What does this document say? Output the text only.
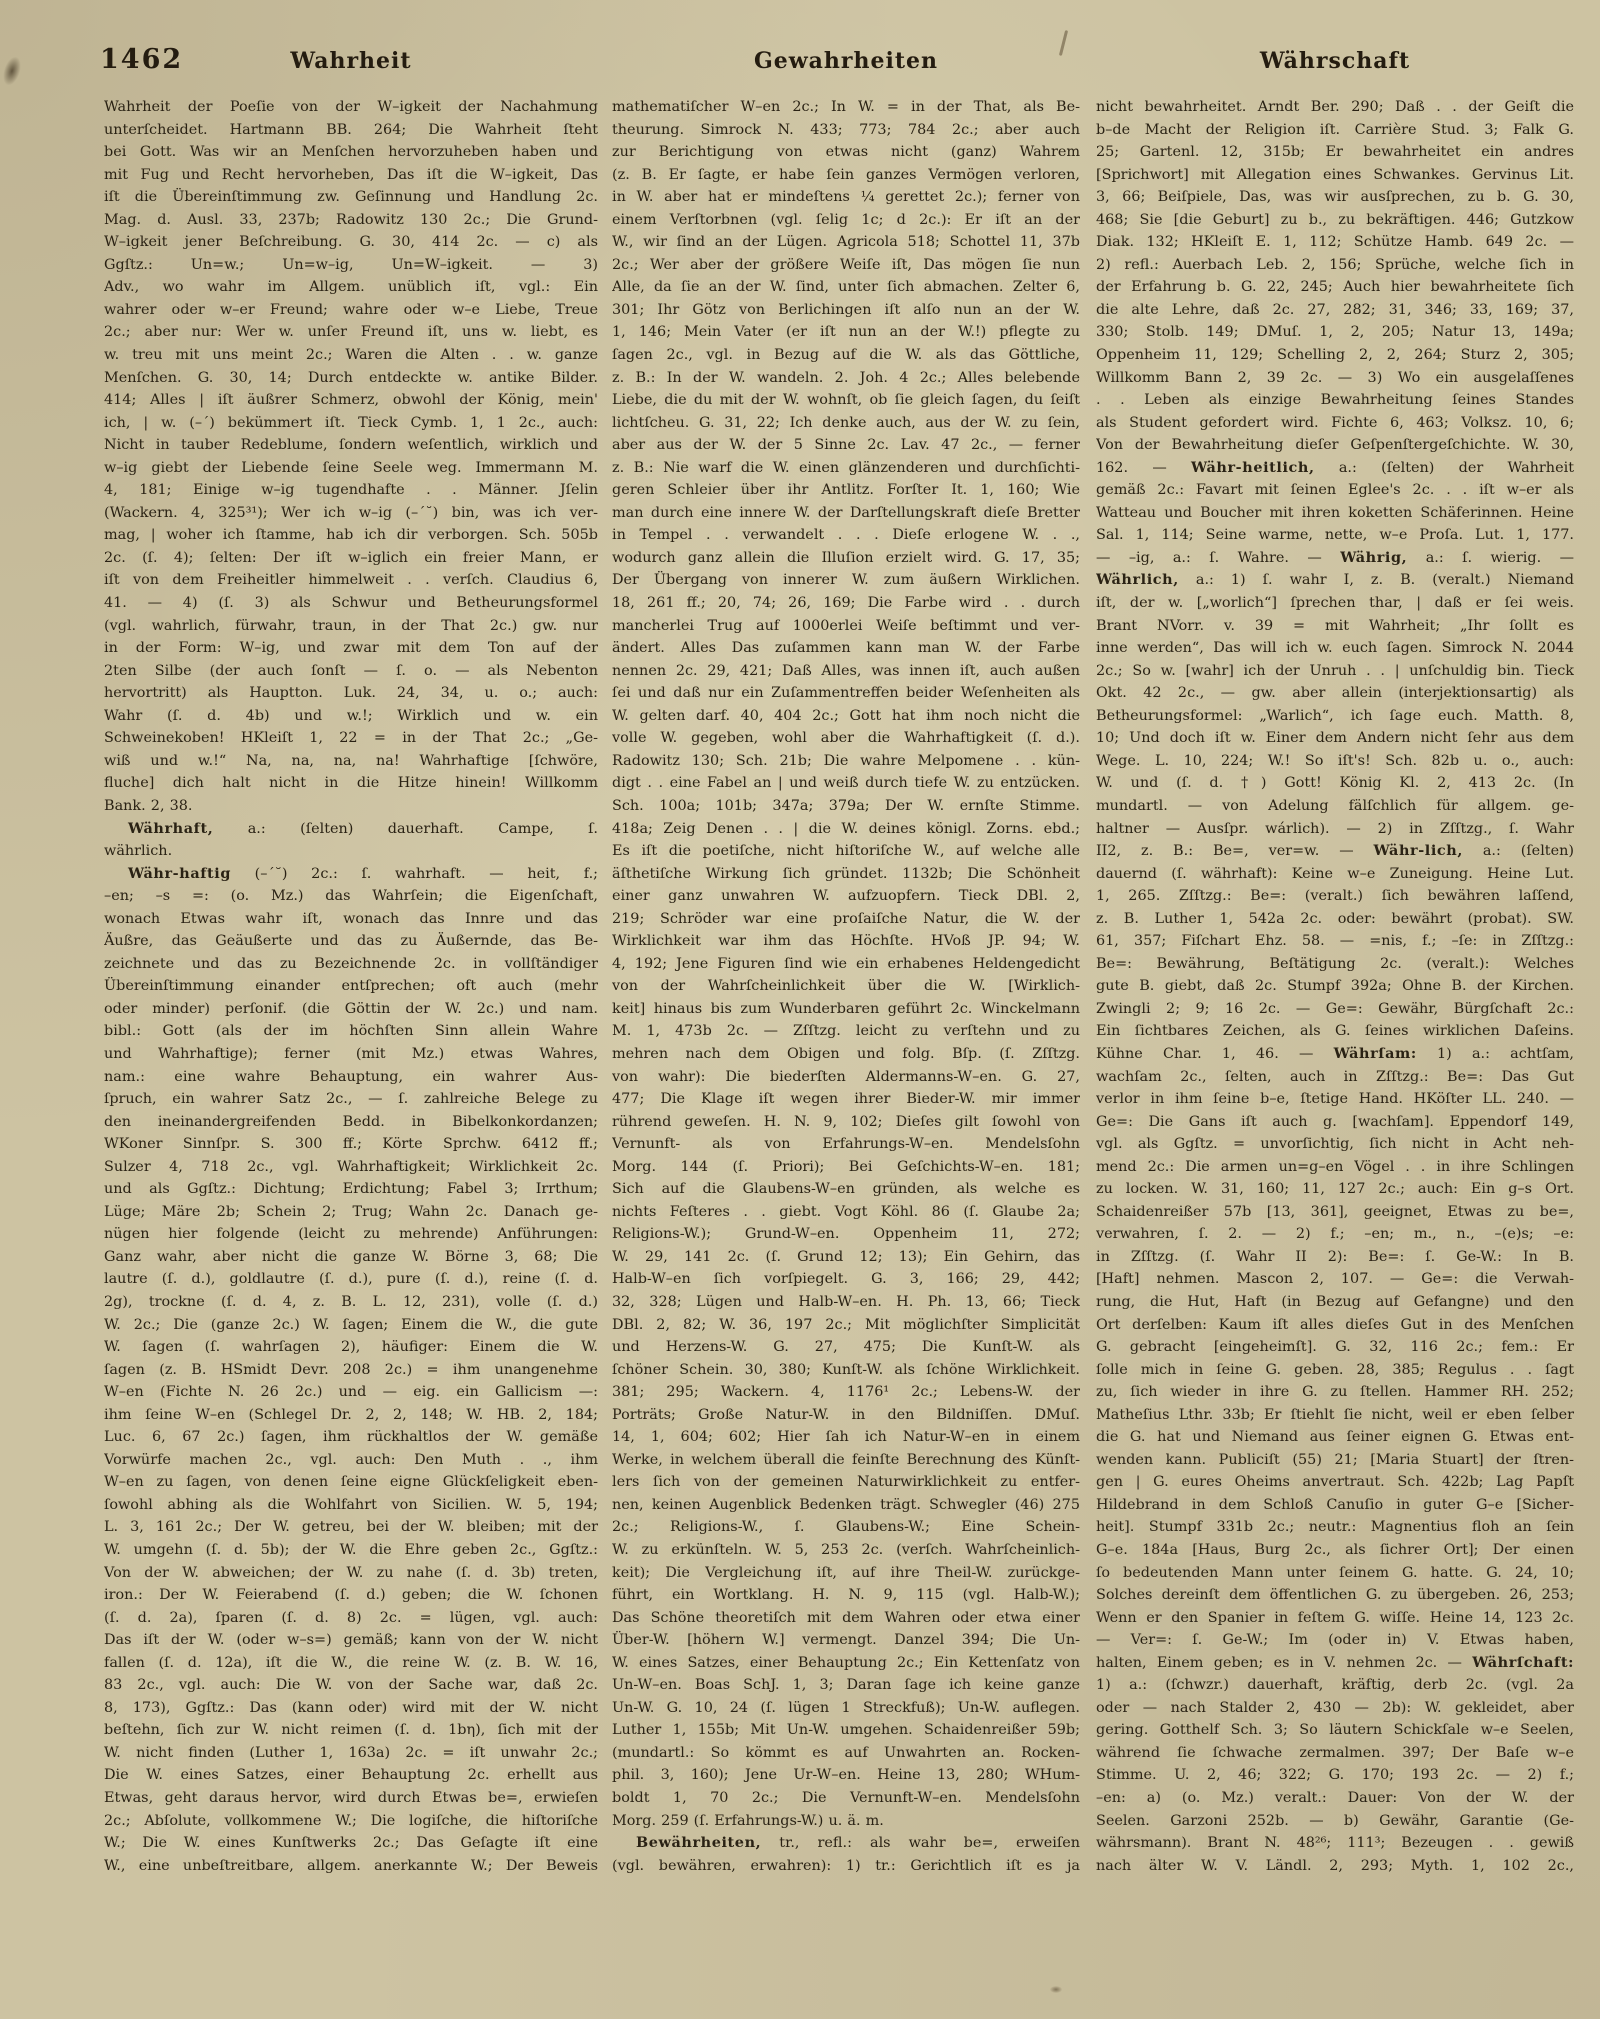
1462	Wahrheit	Gewahrheiten	Währschaft
Wahrheit der Poeſie von der W–igkeit der Nachahmung
unterſcheidet. Hartmann BB. 264; Die Wahrheit ſteht
bei Gott. Was wir an Menſchen hervorzuheben haben und
mit Fug und Recht hervorheben, Das iſt die W–igkeit, Das
iſt die Übereinſtimmung zw. Geſinnung und Handlung 2c.
Mag. d. Ausl. 33, 237b; Radowitz 130 2c.; Die Grund-
W–igkeit jener Beſchreibung. G. 30, 414 2c. — c) als
Ggſtz.: Un=w.; Un=w–ig, Un=W–igkeit. — 3)
Adv., wo wahr im Allgem. unüblich iſt, vgl.: Ein
wahrer oder w–er Freund; wahre oder w–e Liebe, Treue
2c.; aber nur: Wer w. unſer Freund iſt, uns w. liebt, es
w. treu mit uns meint 2c.; Waren die Alten . . w. ganze
Menſchen. G. 30, 14; Durch entdeckte w. antike Bilder.
414; Alles | iſt äußrer Schmerz, obwohl der König, mein'
ich, | w. (–´) bekümmert iſt. Tieck Cymb. 1, 1 2c., auch:
Nicht in tauber Redeblume, ſondern weſentlich, wirklich und
w–ig giebt der Liebende ſeine Seele weg. Immermann M.
4, 181; Einige w–ig tugendhafte . . Männer. Jſelin
(Wackern. 4, 325³¹); Wer ich w–ig (–´˘) bin, was ich ver-
mag, | woher ich ſtamme, hab ich dir verborgen. Sch. 505b
2c. (ſ. 4); ſelten: Der iſt w–iglich ein freier Mann, er
iſt von dem Freiheitler himmelweit . . verſch. Claudius 6,
41. — 4) (ſ. 3) als Schwur und Betheurungsformel
(vgl. wahrlich, fürwahr, traun, in der That 2c.) gw. nur
in der Form: W–ig, und zwar mit dem Ton auf der
2ten Silbe (der auch ſonſt — ſ. o. — als Nebenton
hervortritt) als Hauptton. Luk. 24, 34, u. o.; auch:
Wahr (ſ. d. 4b) und w.!; Wirklich und w. ein
Schweinekoben! HKleiſt 1, 22 = in der That 2c.; „Ge-
wiß und w.!“ Na, na, na, na! Wahrhaftige [ſchwöre,
fluche] dich halt nicht in die Hitze hinein! Willkomm
Bank. 2, 38.
Währhaft, a.: (ſelten) dauerhaft. Campe, ſ.
währlich.
Währ-haftig (–´˘) 2c.: ſ. wahrhaft. — heit, f.;
–en; –s =: (o. Mz.) das Wahrſein; die Eigenſchaft,
wonach Etwas wahr iſt, wonach das Innre und das
Äußre, das Geäußerte und das zu Äußernde, das Be-
zeichnete und das zu Bezeichnende 2c. in vollſtändiger
Übereinſtimmung einander entſprechen; oft auch (mehr
oder minder) perſonif. (die Göttin der W. 2c.) und nam.
bibl.: Gott (als der im höchſten Sinn allein Wahre
und Wahrhaftige); ferner (mit Mz.) etwas Wahres,
nam.: eine wahre Behauptung, ein wahrer Aus-
ſpruch, ein wahrer Satz 2c., — ſ. zahlreiche Belege zu
den ineinandergreifenden Bedd. in Bibelkonkordanzen;
WKoner Sinnſpr. S. 300 ff.; Körte Sprchw. 6412 ff.;
Sulzer 4, 718 2c., vgl. Wahrhaftigkeit; Wirklichkeit 2c.
und als Ggſtz.: Dichtung; Erdichtung; Fabel 3; Irrthum;
Lüge; Märe 2b; Schein 2; Trug; Wahn 2c. Danach ge-
nügen hier folgende (leicht zu mehrende) Anführungen:
Ganz wahr, aber nicht die ganze W. Börne 3, 68; Die
lautre (ſ. d.), goldlautre (ſ. d.), pure (ſ. d.), reine (ſ. d.
2g), trockne (ſ. d. 4, z. B. L. 12, 231), volle (ſ. d.)
W. 2c.; Die (ganze 2c.) W. ſagen; Einem die W., die gute
W. ſagen (ſ. wahrſagen 2), häufiger: Einem die W.
ſagen (z. B. HSmidt Devr. 208 2c.) = ihm unangenehme
W–en (Fichte N. 26 2c.) und — eig. ein Gallicism —:
ihm ſeine W–en (Schlegel Dr. 2, 2, 148; W. HB. 2, 184;
Luc. 6, 67 2c.) ſagen, ihm rückhaltlos der W. gemäße
Vorwürfe machen 2c., vgl. auch: Den Muth . ., ihm
W–en zu ſagen, von denen ſeine eigne Glückſeligkeit eben-
ſowohl abhing als die Wohlfahrt von Sicilien. W. 5, 194;
L. 3, 161 2c.; Der W. getreu, bei der W. bleiben; mit der
W. umgehn (ſ. d. 5b); der W. die Ehre geben 2c., Ggſtz.:
Von der W. abweichen; der W. zu nahe (ſ. d. 3b) treten,
iron.: Der W. Feierabend (ſ. d.) geben; die W. ſchonen
(ſ. d. 2a), ſparen (ſ. d. 8) 2c. = lügen, vgl. auch:
Das iſt der W. (oder w–s=) gemäß; kann von der W. nicht
fallen (ſ. d. 12a), iſt die W., die reine W. (z. B. W. 16,
83 2c., vgl. auch: Die W. von der Sache war, daß 2c.
8, 173), Ggſtz.: Das (kann oder) wird mit der W. nicht
beſtehn, ſich zur W. nicht reimen (ſ. d. 1bη), ſich mit der
W. nicht finden (Luther 1, 163a) 2c. = iſt unwahr 2c.;
Die W. eines Satzes, einer Behauptung 2c. erhellt aus
Etwas, geht daraus hervor, wird durch Etwas be=, erwieſen
2c.; Abſolute, vollkommene W.; Die logiſche, die hiſtoriſche
W.; Die W. eines Kunſtwerks 2c.; Das Geſagte iſt eine
W., eine unbeſtreitbare, allgem. anerkannte W.; Der Beweis
mathematiſcher W–en 2c.; In W. = in der That, als Be-
theurung. Simrock N. 433; 773; 784 2c.; aber auch
zur Berichtigung von etwas nicht (ganz) Wahrem
(z. B. Er ſagte, er habe ſein ganzes Vermögen verloren,
in W. aber hat er mindeſtens ¼ gerettet 2c.); ferner von
einem Verſtorbnen (vgl. ſelig 1c; d 2c.): Er iſt an der
W., wir ſind an der Lügen. Agricola 518; Schottel 11, 37b
2c.; Wer aber der größere Weiſe iſt, Das mögen ſie nun
Alle, da ſie an der W. ſind, unter ſich abmachen. Zelter 6,
301; Ihr Götz von Berlichingen iſt alſo nun an der W.
1, 146; Mein Vater (er iſt nun an der W.!) pflegte zu
ſagen 2c., vgl. in Bezug auf die W. als das Göttliche,
z. B.: In der W. wandeln. 2. Joh. 4 2c.; Alles belebende
Liebe, die du mit der W. wohnſt, ob ſie gleich ſagen, du ſeiſt
lichtſcheu. G. 31, 22; Ich denke auch, aus der W. zu ſein,
aber aus der W. der 5 Sinne 2c. Lav. 47 2c., — ferner
z. B.: Nie warf die W. einen glänzenderen und durchſichti-
geren Schleier über ihr Antlitz. Forſter It. 1, 160; Wie
man durch eine innere W. der Darſtellungskraft dieſe Bretter
in Tempel . . verwandelt . . . Dieſe erlogene W. . .,
wodurch ganz allein die Illuſion erzielt wird. G. 17, 35;
Der Übergang von innerer W. zum äußern Wirklichen.
18, 261 ff.; 20, 74; 26, 169; Die Farbe wird . . durch
mancherlei Trug auf 1000erlei Weiſe beſtimmt und ver-
ändert. Alles Das zuſammen kann man W. der Farbe
nennen 2c. 29, 421; Daß Alles, was innen iſt, auch außen
ſei und daß nur ein Zuſammentreffen beider Weſenheiten als
W. gelten darf. 40, 404 2c.; Gott hat ihm noch nicht die
volle W. gegeben, wohl aber die Wahrhaftigkeit (ſ. d.).
Radowitz 130; Sch. 21b; Die wahre Melpomene . . kün-
digt . . eine Fabel an | und weiß durch tiefe W. zu entzücken.
Sch. 100a; 101b; 347a; 379a; Der W. ernſte Stimme.
418a; Zeig Denen . . | die W. deines königl. Zorns. ebd.;
Es iſt die poetiſche, nicht hiſtoriſche W., auf welche alle
äſthetiſche Wirkung ſich gründet. 1132b; Die Schönheit
einer ganz unwahren W. aufzuopfern. Tieck DBl. 2,
219; Schröder war eine proſaiſche Natur, die W. der
Wirklichkeit war ihm das Höchſte. HVoß JP. 94; W.
4, 192; Jene Figuren ſind wie ein erhabenes Heldengedicht
von der Wahrſcheinlichkeit über die W. [Wirklich-
keit] hinaus bis zum Wunderbaren geführt 2c. Winckelmann
M. 1, 473b 2c. — Zſſtzg. leicht zu verſtehn und zu
mehren nach dem Obigen und folg. Bſp. (ſ. Zſſtzg.
von wahr): Die biederſten Aldermanns-W–en. G. 27,
477; Die Klage iſt wegen ihrer Bieder-W. mir immer
rührend geweſen. H. N. 9, 102; Dieſes gilt ſowohl von
Vernunft- als von Erfahrungs-W–en. Mendelsſohn
Morg. 144 (ſ. Priori); Bei Geſchichts-W–en. 181;
Sich auf die Glaubens-W–en gründen, als welche es
nichts Feſteres . . giebt. Vogt Köhl. 86 (ſ. Glaube 2a;
Religions-W.); Grund-W–en. Oppenheim 11, 272;
W. 29, 141 2c. (ſ. Grund 12; 13); Ein Gehirn, das
Halb-W–en ſich vorſpiegelt. G. 3, 166; 29, 442;
32, 328; Lügen und Halb-W–en. H. Ph. 13, 66; Tieck
DBl. 2, 82; W. 36, 197 2c.; Mit möglichſter Simplicität
und Herzens-W. G. 27, 475; Die Kunſt-W. als
ſchöner Schein. 30, 380; Kunſt-W. als ſchöne Wirklichkeit.
381; 295; Wackern. 4, 1176¹ 2c.; Lebens-W. der
Porträts; Große Natur-W. in den Bildniſſen. DMuſ.
14, 1, 604; 602; Hier ſah ich Natur-W–en in einem
Werke, in welchem überall die feinſte Berechnung des Künſt-
lers ſich von der gemeinen Naturwirklichkeit zu entfer-
nen, keinen Augenblick Bedenken trägt. Schwegler (46) 275
2c.; Religions-W., ſ. Glaubens-W.; Eine Schein-
W. zu erkünſteln. W. 5, 253 2c. (verſch. Wahrſcheinlich-
keit); Die Vergleichung iſt, auf ihre Theil-W. zurückge-
führt, ein Wortklang. H. N. 9, 115 (vgl. Halb-W.);
Das Schöne theoretiſch mit dem Wahren oder etwa einer
Über-W. [höhern W.] vermengt. Danzel 394; Die Un-
W. eines Satzes, einer Behauptung 2c.; Ein Kettenſatz von
Un-W–en. Boas SchJ. 1, 3; Daran ſage ich keine ganze
Un-W. G. 10, 24 (ſ. lügen 1 Streckfuß); Un-W. auflegen.
Luther 1, 155b; Mit Un-W. umgehen. Schaidenreißer 59b;
(mundartl.: So kömmt es auf Unwahrten an. Rocken-
phil. 3, 160); Jene Ur-W–en. Heine 13, 280; WHum-
boldt 1, 70 2c.; Die Vernunft-W–en. Mendelsſohn
Morg. 259 (ſ. Erfahrungs-W.) u. ä. m.
Bewährheiten, tr., refl.: als wahr be=, erweiſen
(vgl. bewähren, erwahren): 1) tr.: Gerichtlich iſt es ja
nicht bewahrheitet. Arndt Ber. 290; Daß . . der Geiſt die
b–de Macht der Religion iſt. Carrière Stud. 3; Falk G.
25; Gartenl. 12, 315b; Er bewahrheitet ein andres
[Sprichwort] mit Allegation eines Schwankes. Gervinus Lit.
3, 66; Beiſpiele, Das, was wir ausſprechen, zu b. G. 30,
468; Sie [die Geburt] zu b., zu bekräftigen. 446; Gutzkow
Diak. 132; HKleiſt E. 1, 112; Schütze Hamb. 649 2c. —
2) refl.: Auerbach Leb. 2, 156; Sprüche, welche ſich in
der Erfahrung b. G. 22, 245; Auch hier bewahrheitete ſich
die alte Lehre, daß 2c. 27, 282; 31, 346; 33, 169; 37,
330; Stolb. 149; DMuſ. 1, 2, 205; Natur 13, 149a;
Oppenheim 11, 129; Schelling 2, 2, 264; Sturz 2, 305;
Willkomm Bann 2, 39 2c. — 3) Wo ein ausgelaſſenes
. . Leben als einzige Bewahrheitung ſeines Standes
als Student gefordert wird. Fichte 6, 463; Volksz. 10, 6;
Von der Bewahrheitung dieſer Geſpenſtergeſchichte. W. 30,
162. — Währ-heitlich, a.: (ſelten) der Wahrheit
gemäß 2c.: Favart mit ſeinen Eglee's 2c. . . iſt w–er als
Watteau und Boucher mit ihren koketten Schäferinnen. Heine
Sal. 1, 114; Seine warme, nette, w–e Proſa. Lut. 1, 177.
— –ig, a.: ſ. Wahre. — Währig, a.: ſ. wierig. —
Währlich, a.: 1) ſ. wahr I, z. B. (veralt.) Niemand
iſt, der w. [„worlich“] ſprechen thar, | daß er ſei weis.
Brant NVorr. v. 39 = mit Wahrheit; „Ihr ſollt es
inne werden“, Das will ich w. euch ſagen. Simrock N. 2044
2c.; So w. [wahr] ich der Unruh . . | unſchuldig bin. Tieck
Okt. 42 2c., — gw. aber allein (interjektionsartig) als
Betheurungsformel: „Warlich“, ich ſage euch. Matth. 8,
10; Und doch iſt w. Einer dem Andern nicht ſehr aus dem
Wege. L. 10, 224; W.! So iſt's! Sch. 82b u. o., auch:
W. und (ſ. d. †) Gott! König Kl. 2, 413 2c. (In
mundartl. — von Adelung fälſchlich für allgem. ge-
haltner — Ausſpr. wárlich). — 2) in Zſſtzg., ſ. Wahr
II2, z. B.: Be=, ver=w. — Währ-lich, a.: (ſelten)
dauernd (ſ. währhaft): Keine w–e Zuneigung. Heine Lut.
1, 265. Zſſtzg.: Be=: (veralt.) ſich bewähren laſſend,
z. B. Luther 1, 542a 2c. oder: bewährt (probat). SW.
61, 357; Fiſchart Ehz. 58. — =nis, f.; –ſe: in Zſſtzg.:
Be=: Bewährung, Beſtätigung 2c. (veralt.): Welches
gute B. giebt, daß 2c. Stumpf 392a; Ohne B. der Kirchen.
Zwingli 2; 9; 16 2c. — Ge=: Gewähr, Bürgſchaft 2c.:
Ein ſichtbares Zeichen, als G. ſeines wirklichen Daſeins.
Kühne Char. 1, 46. — Währſam: 1) a.: achtſam,
wachſam 2c., ſelten, auch in Zſſtzg.: Be=: Das Gut
verlor in ihm ſeine b–e, ſtetige Hand. HKöſter LL. 240. —
Ge=: Die Gans iſt auch g. [wachſam]. Eppendorf 149,
vgl. als Ggſtz. = unvorſichtig, ſich nicht in Acht neh-
mend 2c.: Die armen un=g–en Vögel . . in ihre Schlingen
zu locken. W. 31, 160; 11, 127 2c.; auch: Ein g–s Ort.
Schaidenreißer 57b [13, 361], geeignet, Etwas zu be=,
verwahren, ſ. 2. — 2) f.; –en; m., n., –(e)s; –e:
in Zſſtzg. (ſ. Wahr II 2): Be=: ſ. Ge-W.: In B.
[Haft] nehmen. Mascon 2, 107. — Ge=: die Verwah-
rung, die Hut, Haft (in Bezug auf Gefangne) und den
Ort derſelben: Kaum iſt alles dieſes Gut in des Menſchen
G. gebracht [eingeheimſt]. G. 32, 116 2c.; fem.: Er
ſolle mich in ſeine G. geben. 28, 385; Regulus . . ſagt
zu, ſich wieder in ihre G. zu ſtellen. Hammer RH. 252;
Matheſius Lthr. 33b; Er ſtiehlt ſie nicht, weil er eben ſelber
die G. hat und Niemand aus ſeiner eignen G. Etwas ent-
wenden kann. Publiciſt (55) 21; [Maria Stuart] der ſtren-
gen | G. eures Oheims anvertraut. Sch. 422b; Lag Papſt
Hildebrand in dem Schloß Canuſio in guter G–e [Sicher-
heit]. Stumpf 331b 2c.; neutr.: Magnentius floh an ſein
G–e. 184a [Haus, Burg 2c., als ſichrer Ort]; Der einen
ſo bedeutenden Mann unter ſeinem G. hatte. G. 24, 10;
Solches dereinſt dem öffentlichen G. zu übergeben. 26, 253;
Wenn er den Spanier in feſtem G. wiſſe. Heine 14, 123 2c.
— Ver=: ſ. Ge-W.; Im (oder in) V. Etwas haben,
halten, Einem geben; es in V. nehmen 2c. — Währſchaft:
1) a.: (ſchwzr.) dauerhaft, kräftig, derb 2c. (vgl. 2a
oder — nach Stalder 2, 430 — 2b): W. gekleidet, aber
gering. Gotthelf Sch. 3; So läutern Schickſale w–e Seelen,
während ſie ſchwache zermalmen. 397; Der Baſe w–e
Stimme. U. 2, 46; 322; G. 170; 193 2c. — 2) f.;
–en: a) (o. Mz.) veralt.: Dauer: Von der W. der
Seelen. Garzoni 252b. — b) Gewähr, Garantie (Ge-
währsmann). Brant N. 48²⁶; 111³; Bezeugen . . gewiß
nach älter W. V. Ländl. 2, 293; Myth. 1, 102 2c.,
